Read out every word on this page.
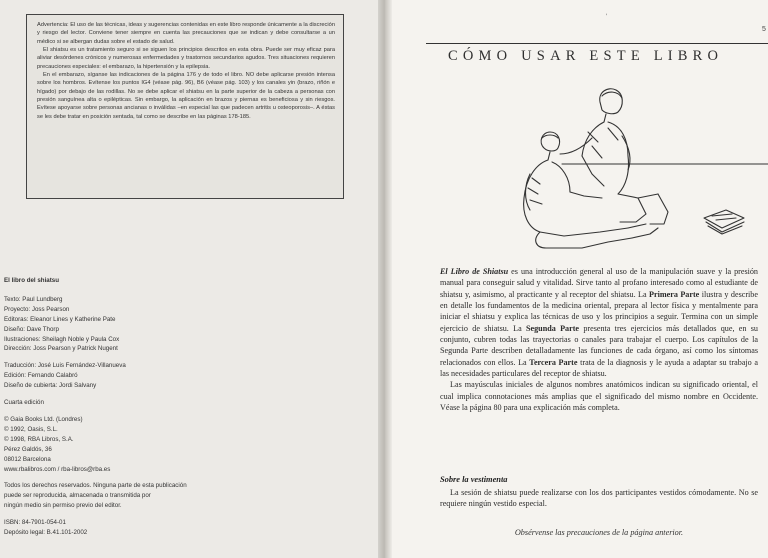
Advertencia: El uso de las técnicas, ideas y sugerencias contenidas en este libro responde únicamente a la discreción y riesgo del lector. Conviene tener siempre en cuenta las precauciones que se indican y debe consultarse a un médico si se albergan dudas sobre el estado de salud.

El shiatsu es un tratamiento seguro si se siguen los principios descritos en esta obra. Puede ser muy eficaz para aliviar desórdenes crónicos y numerosas enfermedades y trastornos secundarios agudos. Tres situaciones requieren precauciones especiales: el embarazo, la hipertensión y la epilepsia.

En el embarazo, síganse las indicaciones de la página 176 y de todo el libro. NO debe aplicarse presión intensa sobre los hombros. Evítense los puntos IG4 (véase pág. 96), B6 (véase pág. 103) y los canales yin (brazo, riñón e hígado) por debajo de las rodillas. No se debe aplicar el shiatsu en la parte superior de la cabeza a personas con presión sanguínea alta o epilépticas. Sin embargo, la aplicación en brazos y piernas es beneficiosa y sin riesgos. Evítese apoyarse sobre personas ancianas o inválidas –en especial las que padecen artritis u osteoporosis–. A éstas se les debe tratar en posición sentada, tal como se describe en las páginas 178-185.

El libro del shiatsu
Texto: Paul Lundberg
Proyecto: Joss Pearson
Editoras: Eleanor Lines y Katherine Pate
Diseño: Dave Thorp
Ilustraciones: Sheilagh Noble y Paula Cox
Dirección: Joss Pearson y Patrick Nugent
Traducción: José Luis Fernández-Villanueva
Edición: Fernando Calabró
Diseño de cubierta: Jordi Salvany
Cuarta edición
© Gaia Books Ltd. (Londres)
© 1992, Oasis, S.L.
© 1998, RBA Libros, S.A.
Pérez Galdós, 36
08012 Barcelona
www.rbalibros.com / rba-libros@rba.es
Todos los derechos reservados. Ninguna parte de esta publicación
puede ser reproducida, almacenada o transmitida por
ningún medio sin permiso previo del editor.
ISBN: 84-7901-054-01
Depósito legal: B.41.101-2002
‘
5
CÓMO USAR ESTE LIBRO

El Libro de Shiatsu es una introducción general al uso de la manipulación suave y la presión manual para conseguir salud y vitalidad. Sirve tanto al profano interesado como al estudiante de shiatsu y, asimismo, al practicante y al receptor del shiatsu. La Primera Parte ilustra y describe en detalle los fundamentos de la medicina oriental, prepara al lector física y mentalmente para iniciar el shiatsu y explica las técnicas de uso y los principios a seguir. Termina con un simple ejercicio de shiatsu. La Segunda Parte presenta tres ejercicios más detallados que, en su conjunto, cubren todas las trayectorias o canales para trabajar el cuerpo. Los capítulos de la Segunda Parte describen detalladamente las funciones de cada órgano, así como los síntomas relacionados con ellos. La Tercera Parte trata de la diagnosis y le ayuda a adaptar su trabajo a las necesidades particulares del receptor de shiatsu.

Las mayúsculas iniciales de algunos nombres anatómicos indican su significado oriental, el cual implica connotaciones más amplias que el significado del mismo nombre en Occidente. Véase la página 80 para una explicación más completa.

Sobre la vestimenta
La sesión de shiatsu puede realizarse con los dos participantes vestidos cómodamente. No se requiere ningún vestido especial.
Obsérvense las precauciones de la página anterior.
